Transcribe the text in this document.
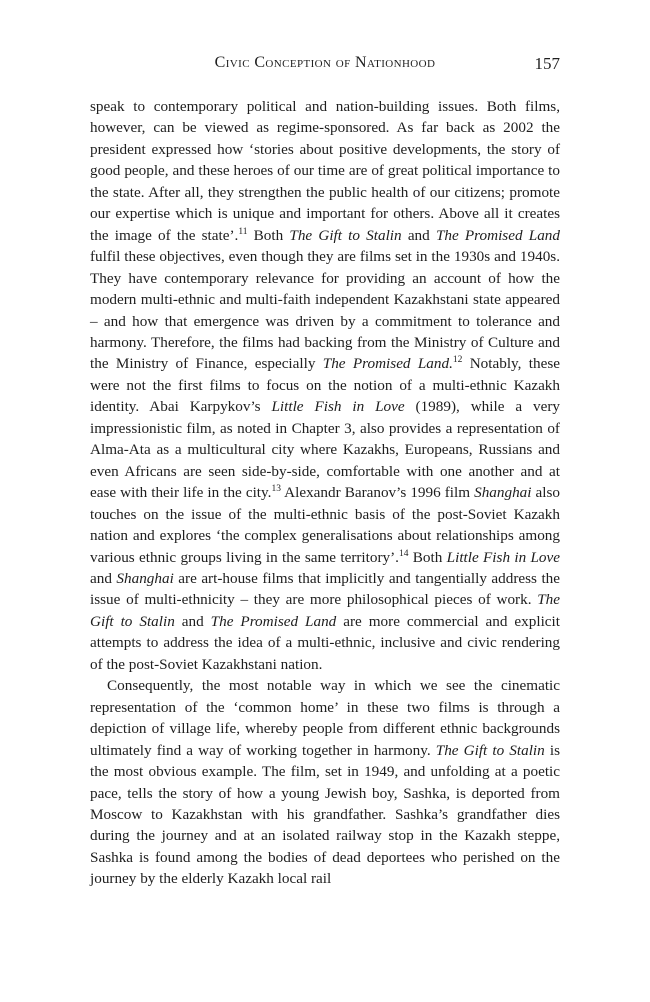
Civic Conception of Nationhood	157

speak to contemporary political and nation-building issues. Both films, however, can be viewed as regime-sponsored. As far back as 2002 the president expressed how ‘stories about positive developments, the story of good people, and these heroes of our time are of great political importance to the state. After all, they strengthen the public health of our citizens; promote our expertise which is unique and important for others. Above all it creates the image of the state’.$^{11}$ Both The Gift to Stalin and The Promised Land fulfil these objectives, even though they are films set in the 1930s and 1940s. They have contemporary relevance for providing an account of how the modern multi-ethnic and multi-faith independent Kazakhstani state appeared – and how that emergence was driven by a commitment to tolerance and harmony. Therefore, the films had backing from the Ministry of Culture and the Ministry of Finance, especially The Promised Land.$^{12}$ Notably, these were not the first films to focus on the notion of a multi-ethnic Kazakh identity. Abai Karpykov’s Little Fish in Love (1989), while a very impressionistic film, as noted in Chapter 3, also provides a representation of Alma-Ata as a multicultural city where Kazakhs, Europeans, Russians and even Africans are seen side-by-side, comfortable with one another and at ease with their life in the city.$^{13}$ Alexandr Baranov’s 1996 film Shanghai also touches on the issue of the multi-ethnic basis of the post-Soviet Kazakh nation and explores ‘the complex generalisations about relationships among various ethnic groups living in the same territory’.$^{14}$ Both Little Fish in Love and Shanghai are art-house films that implicitly and tangentially address the issue of multi-ethnicity – they are more philosophical pieces of work. The Gift to Stalin and The Promised Land are more commercial and explicit attempts to address the idea of a multi-ethnic, inclusive and civic rendering of the post-Soviet Kazakhstani nation.

Consequently, the most notable way in which we see the cinematic representation of the ‘common home’ in these two films is through a depiction of village life, whereby people from different ethnic backgrounds ultimately find a way of working together in harmony. The Gift to Stalin is the most obvious example. The film, set in 1949, and unfolding at a poetic pace, tells the story of how a young Jewish boy, Sashka, is deported from Moscow to Kazakhstan with his grandfather. Sashka’s grandfather dies during the journey and at an isolated railway stop in the Kazakh steppe, Sashka is found among the bodies of dead deportees who perished on the journey by the elderly Kazakh local rail
